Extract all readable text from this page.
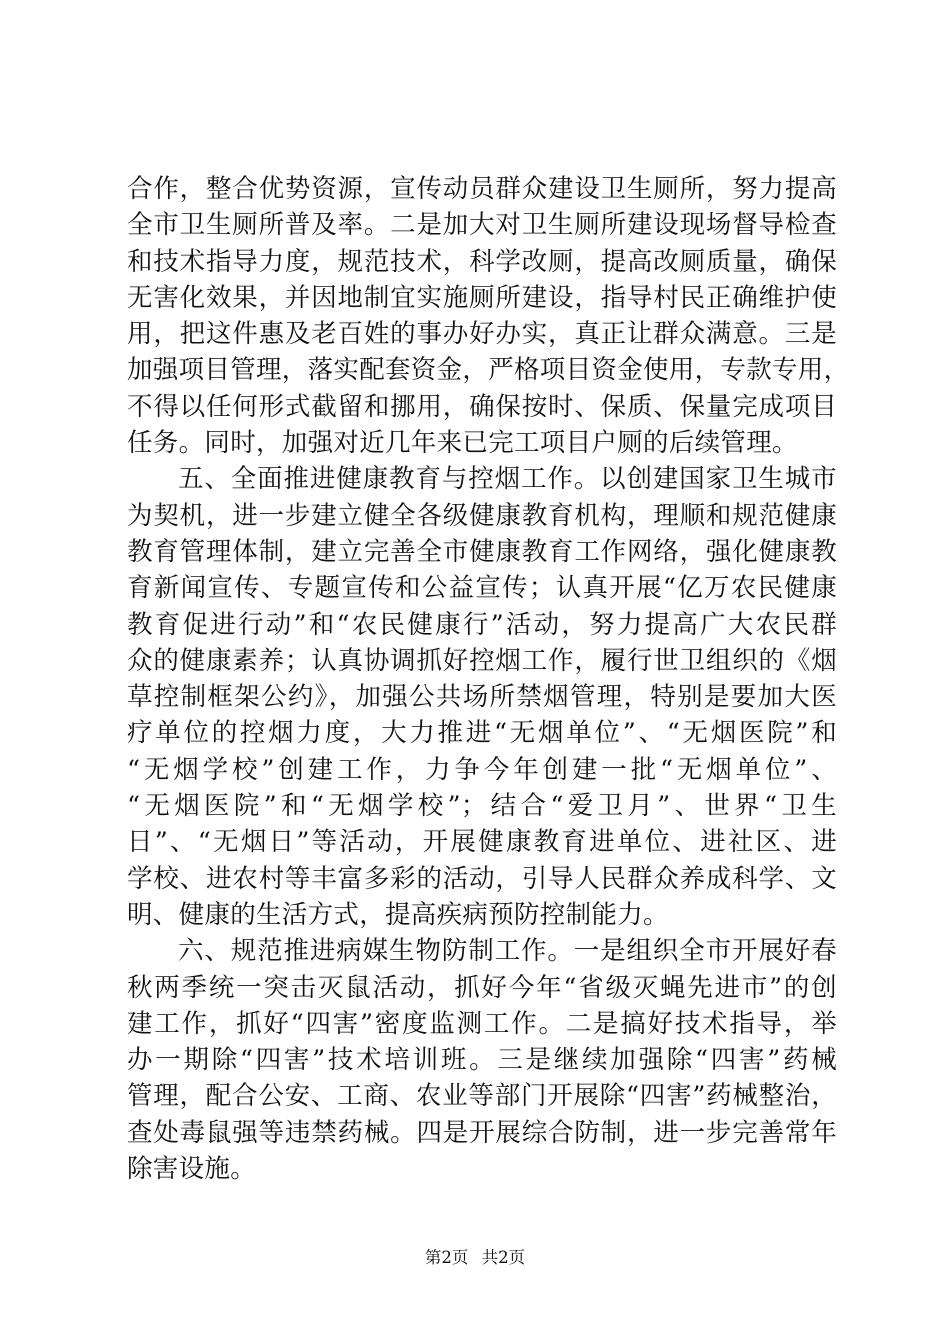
合作，整合优势资源，宣传动员群众建设卫生厕所，努力提高
全市卫生厕所普及率。二是加大对卫生厕所建设现场督导检查
和技术指导力度，规范技术，科学改厕，提高改厕质量，确保
无害化效果，并因地制宜实施厕所建设，指导村民正确维护使
用，把这件惠及老百姓的事办好办实，真正让群众满意。三是
加强项目管理，落实配套资金，严格项目资金使用，专款专用，
不得以任何形式截留和挪用，确保按时、保质、保量完成项目
任务。同时，加强对近几年来已完工项目户厕的后续管理。
五、全面推进健康教育与控烟工作。以创建国家卫生城市
为契机，进一步建立健全各级健康教育机构，理顺和规范健康
教育管理体制，建立完善全市健康教育工作网络，强化健康教
育新闻宣传、专题宣传和公益宣传；认真开展“亿万农民健康
教育促进行动”和“农民健康行”活动，努力提高广大农民群
众的健康素养；认真协调抓好控烟工作，履行世卫组织的《烟
草控制框架公约》，加强公共场所禁烟管理，特别是要加大医
疗单位的控烟力度，大力推进“无烟单位”、“无烟医院”和
“无烟学校”创建工作，力争今年创建一批“无烟单位”、
“无烟医院”和“无烟学校”；结合“爱卫月”、世界“卫生
日”、“无烟日”等活动，开展健康教育进单位、进社区、进
学校、进农村等丰富多彩的活动，引导人民群众养成科学、文
明、健康的生活方式，提高疾病预防控制能力。
六、规范推进病媒生物防制工作。一是组织全市开展好春
秋两季统一突击灭鼠活动，抓好今年“省级灭蝇先进市”的创
建工作，抓好“四害”密度监测工作。二是搞好技术指导，举
办一期除“四害”技术培训班。三是继续加强除“四害”药械
管理，配合公安、工商、农业等部门开展除“四害”药械整治，
查处毒鼠强等违禁药械。四是开展综合防制，进一步完善常年
除害设施。
第2页 共2页
